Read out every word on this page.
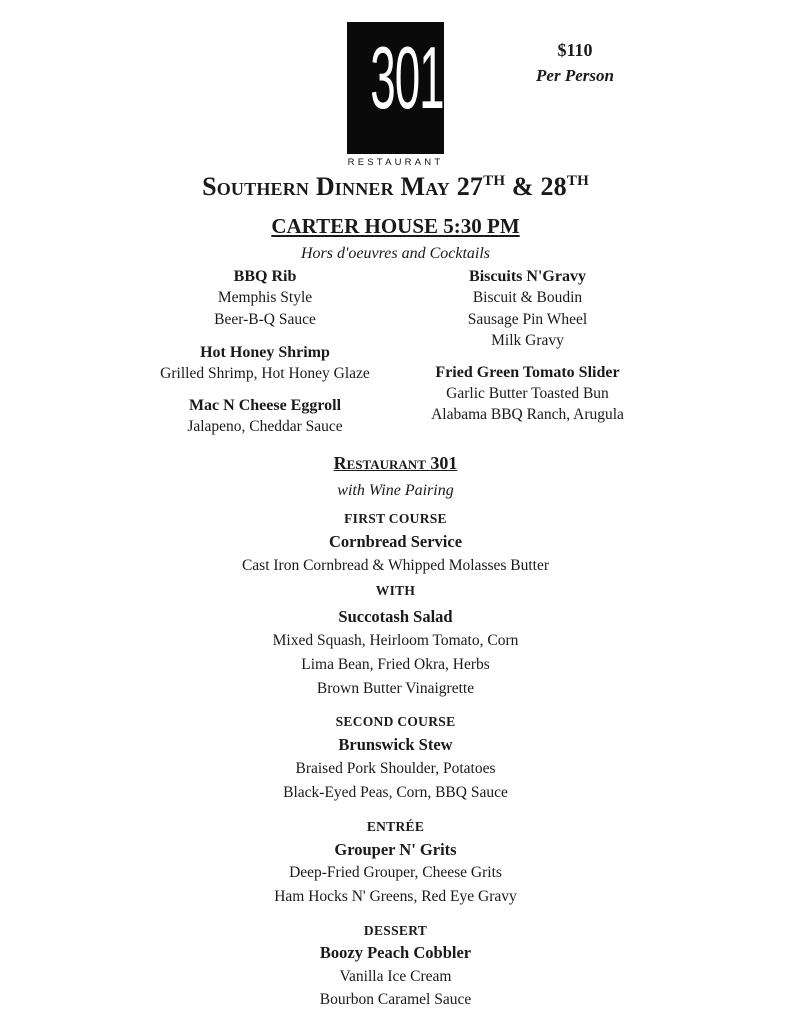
301
RESTAURANT
$110
Per Person
Southern Dinner May 27TH & 28TH
CARTER HOUSE 5:30 PM
Hors d'oeuvres and Cocktails
BBQ Rib
Memphis Style
Beer-B-Q Sauce
Hot Honey Shrimp
Grilled Shrimp, Hot Honey Glaze
Mac N Cheese Eggroll
Jalapeno, Cheddar Sauce
Biscuits N'Gravy
Biscuit & Boudin
Sausage Pin Wheel
Milk Gravy
Fried Green Tomato Slider
Garlic Butter Toasted Bun
Alabama BBQ Ranch, Arugula
Restaurant 301
with Wine Pairing
FIRST COURSE
Cornbread Service
Cast Iron Cornbread & Whipped Molasses Butter
WITH
Succotash Salad
Mixed Squash, Heirloom Tomato, Corn
Lima Bean, Fried Okra, Herbs
Brown Butter Vinaigrette
SECOND COURSE
Brunswick Stew
Braised Pork Shoulder, Potatoes
Black-Eyed Peas, Corn, BBQ Sauce
ENTRÉE
Grouper N' Grits
Deep-Fried Grouper, Cheese Grits
Ham Hocks N' Greens, Red Eye Gravy
DESSERT
Boozy Peach Cobbler
Vanilla Ice Cream
Bourbon Caramel Sauce
